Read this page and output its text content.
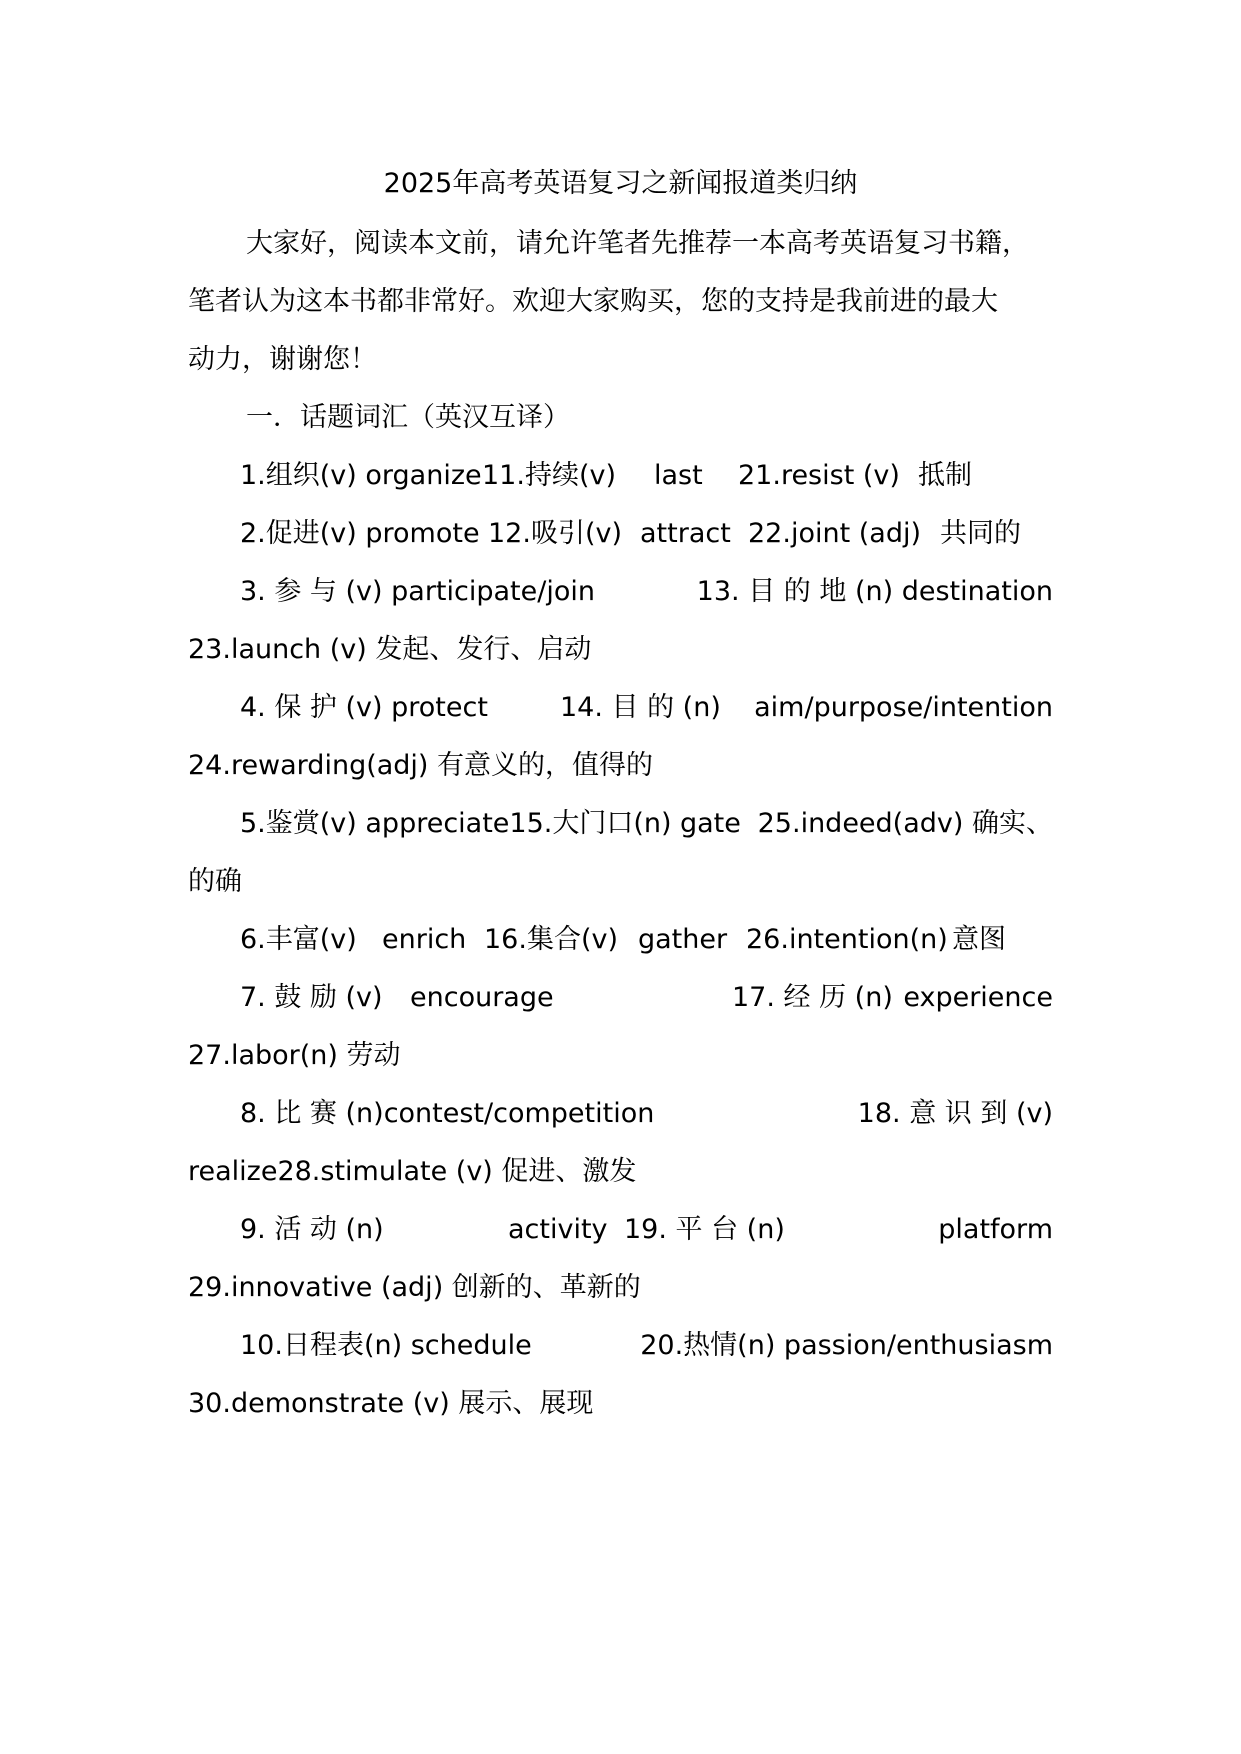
2025年高考英语复习之新闻报道类归纳
大家好，阅读本文前，请允许笔者先推荐一本高考英语复习书籍，
笔者认为这本书都非常好。欢迎大家购买，您的支持是我前进的最大
动力，谢谢您！
一．话题词汇（英汉互译）
1.组织(v) organize 11.持续(v) last 21.resist (v) 抵制
2.促进(v) promote 12.吸引(v) attract 22.joint (adj) 共同的
3. 参 与 (v) participate/join	13. 目 的 地 (n) destination
23.launch (v) 发起、发行、启动
4. 保 护 (v) protect	14. 目 的 (n) aim/purpose/intention
24.rewarding(adj) 有意义的，值得的
5.鉴赏(v) appreciate15.大门口(n) gate 25.indeed(adv) 确实、
的确
6.丰富(v) enrich 16.集合(v) gather 26.intention(n) 意图
7. 鼓 励 (v) encourage	17. 经 历 (n) experience
27.labor(n) 劳动
8. 比 赛 (n)contest/competition	18. 意 识 到 (v)
realize28.stimulate (v) 促进、激发
9. 活 动 (n)	activity 19. 平 台 (n)	platform
29.innovative (adj) 创新的、革新的
10.日程表(n) schedule	20.热情(n) passion/enthusiasm
30.demonstrate (v) 展示、展现
